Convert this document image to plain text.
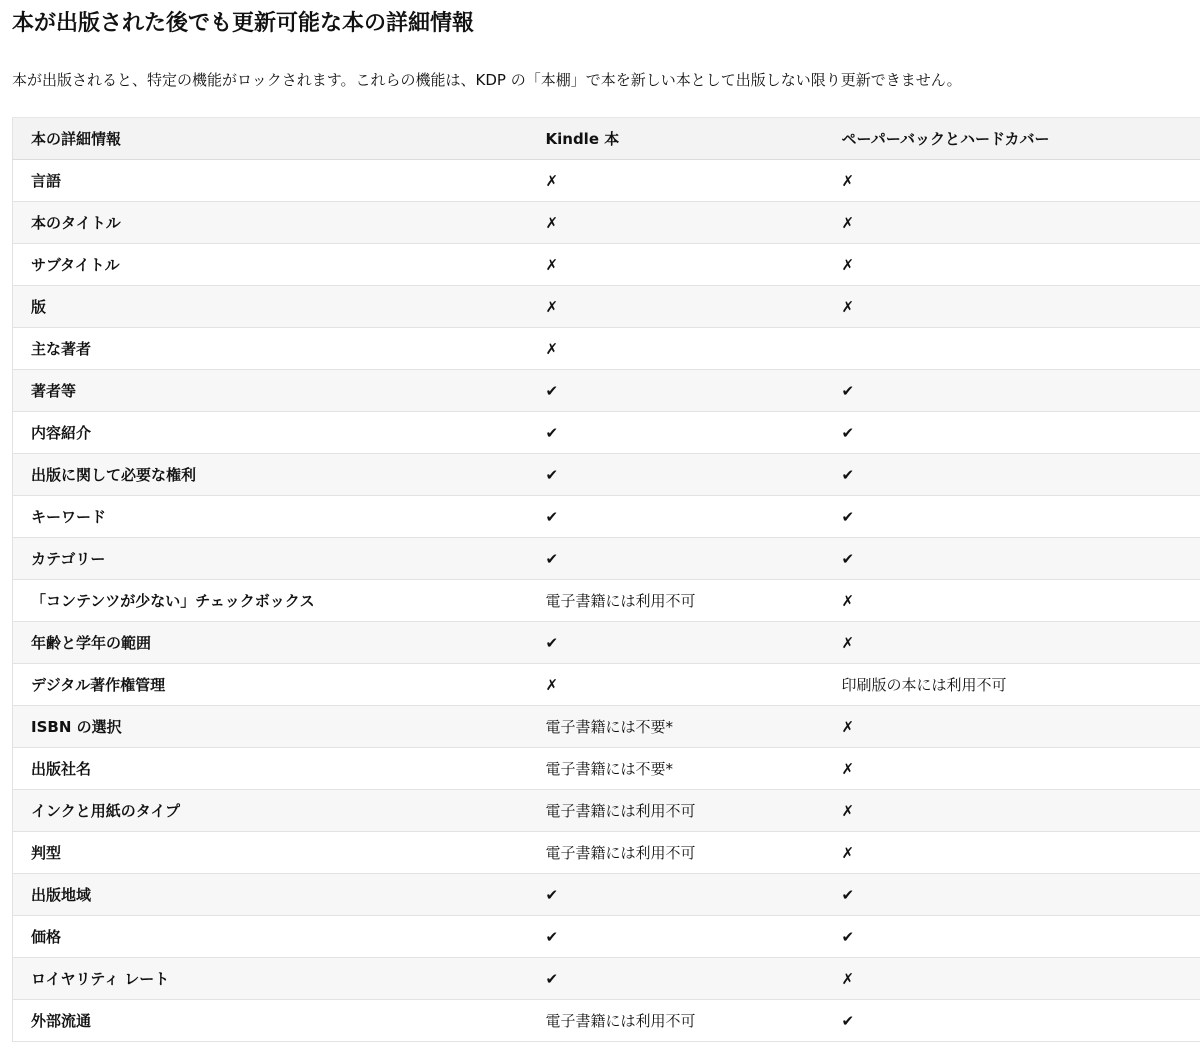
本が出版された後でも更新可能な本の詳細情報

本が出版されると、特定の機能がロックされます。これらの機能は、KDP の「本棚」で本を新しい本として出版しない限り更新できません。

本の詳細情報	Kindle 本	ペーパーバックとハードカバー
言語	✗	✗
本のタイトル	✗	✗
サブタイトル	✗	✗
版	✗	✗
主な著者	✗	
著者等	✔	✔
内容紹介	✔	✔
出版に関して必要な権利	✔	✔
キーワード	✔	✔
カテゴリー	✔	✔
「コンテンツが少ない」チェックボックス	電子書籍には利用不可	✗
年齢と学年の範囲	✔	✗
デジタル著作権管理	✗	印刷版の本には利用不可
ISBN の選択	電子書籍には不要*	✗
出版社名	電子書籍には不要*	✗
インクと用紙のタイプ	電子書籍には利用不可	✗
判型	電子書籍には利用不可	✗
出版地域	✔	✔
価格	✔	✔
ロイヤリティ レート	✔	✗
外部流通	電子書籍には利用不可	✔
